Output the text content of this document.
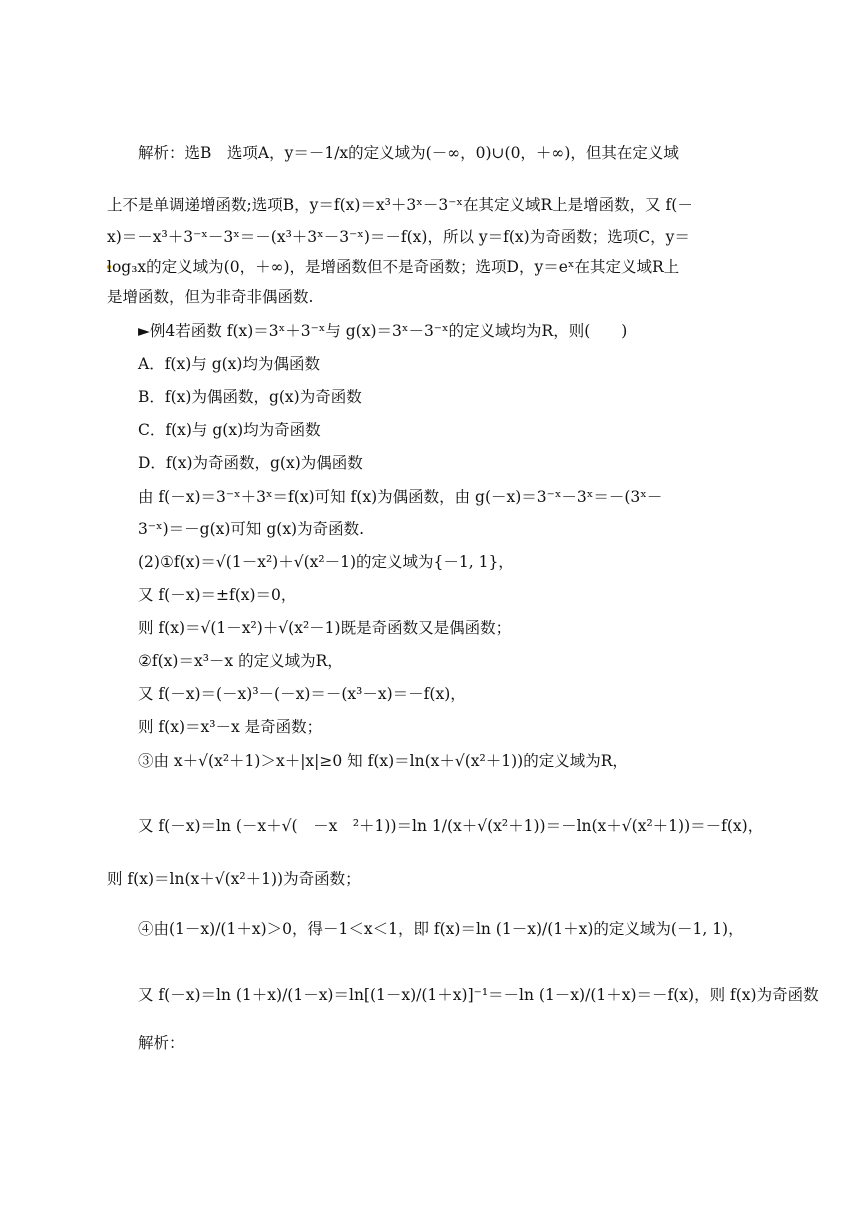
解析：选B　选项A，y＝－1/x的定义域为(－∞，0)∪(0，＋∞)，但其在定义域
上不是单调递增函数;选项B，y＝f(x)＝x³＋3ˣ－3⁻ˣ在其定义域R上是增函数，又 f(－
x)＝－x³＋3⁻ˣ－3ˣ＝－(x³＋3ˣ－3⁻ˣ)＝－f(x)，所以 y＝f(x)为奇函数；选项C，y＝
log₃x的定义域为(0，＋∞)，是增函数但不是奇函数；选项D，y＝eˣ在其定义域R上
是增函数，但为非奇非偶函数.
►例4若函数 f(x)＝3ˣ＋3⁻ˣ与 g(x)＝3ˣ－3⁻ˣ的定义域均为R，则(　　)
A．f(x)与 g(x)均为偶函数
B．f(x)为偶函数，g(x)为奇函数
C．f(x)与 g(x)均为奇函数
D．f(x)为奇函数，g(x)为偶函数
由 f(－x)＝3⁻ˣ＋3ˣ＝f(x)可知 f(x)为偶函数，由 g(－x)＝3⁻ˣ－3ˣ＝－(3ˣ－
3⁻ˣ)＝－g(x)可知 g(x)为奇函数.
(2)①f(x)＝√(1－x²)＋√(x²－1)的定义域为{－1, 1}，
又 f(－x)＝±f(x)＝0，
则 f(x)＝√(1－x²)＋√(x²－1)既是奇函数又是偶函数；
②f(x)＝x³－x 的定义域为R，
又 f(－x)＝(－x)³－(－x)＝－(x³－x)＝－f(x)，
则 f(x)＝x³－x 是奇函数；
③由 x＋√(x²＋1)＞x＋|x|≥0 知 f(x)＝ln(x＋√(x²＋1))的定义域为R，
又 f(－x)＝ln (－x＋√(　－x　²＋1))＝ln 1/(x＋√(x²＋1))＝－ln(x＋√(x²＋1))＝－f(x)，
则 f(x)＝ln(x＋√(x²＋1))为奇函数；
④由(1－x)/(1＋x)＞0，得－1＜x＜1，即 f(x)＝ln (1－x)/(1＋x)的定义域为(－1, 1)，
又 f(－x)＝ln (1＋x)/(1－x)＝ln[(1－x)/(1＋x)]⁻¹＝－ln (1－x)/(1＋x)＝－f(x)，则 f(x)为奇函数
解析：
